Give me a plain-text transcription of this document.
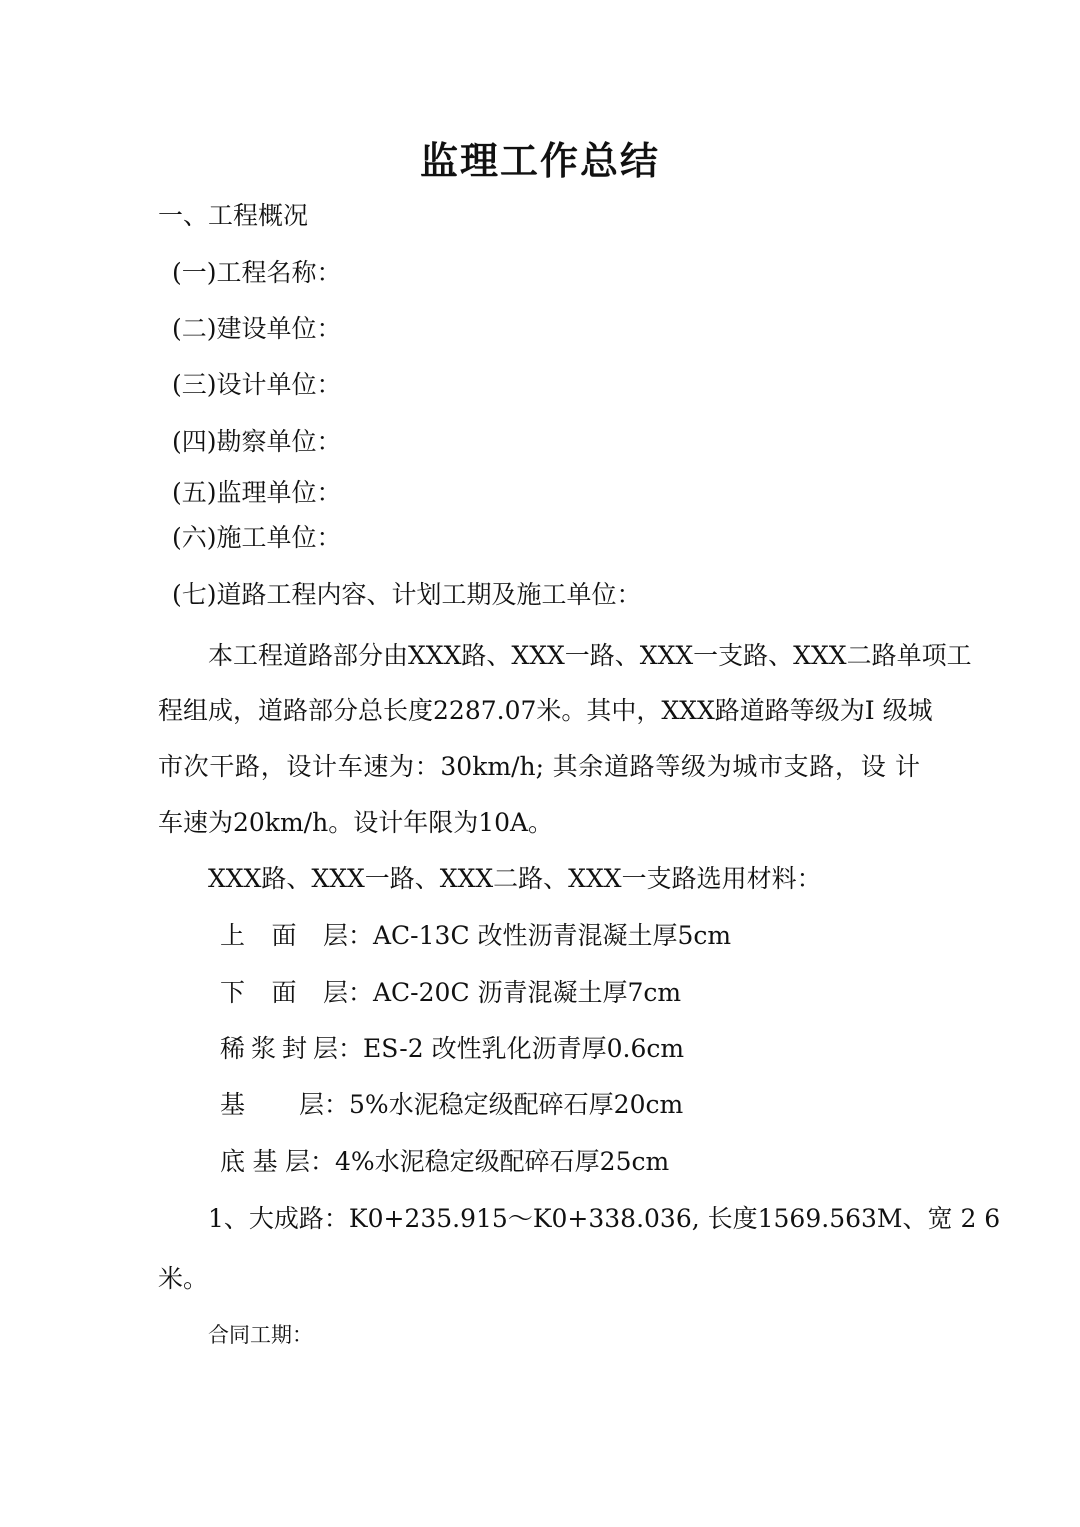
监理工作总结
一、工程概况
(一)工程名称：
(二)建设单位：
(三)设计单位：
(四)勘察单位：
(五)监理单位：
(六)施工单位：
(七)道路工程内容、计划工期及施工单位：
本工程道路部分由XXX路、XXX一路、XXX一支路、XXX二路单项工
程组成，道路部分总长度2287.07米。其中，XXX路道路等级为I 级城
市次干路，设计车速为：30km/h; 其余道路等级为城市支路，设 计
车速为20km/h。设计年限为10A。
XXX路、XXX一路、XXX二路、XXX一支路选用材料：
上面层：AC-13C 改性沥青混凝土厚5cm
下面层：AC-20C 沥青混凝土厚7cm
稀浆封层：ES-2 改性乳化沥青厚0.6cm
基层：5%水泥稳定级配碎石厚20cm
底基层：4%水泥稳定级配碎石厚25cm
1、大成路：K0+235.915～K0+338.036, 长度1569.563M、宽 2 6
米。
合同工期：
